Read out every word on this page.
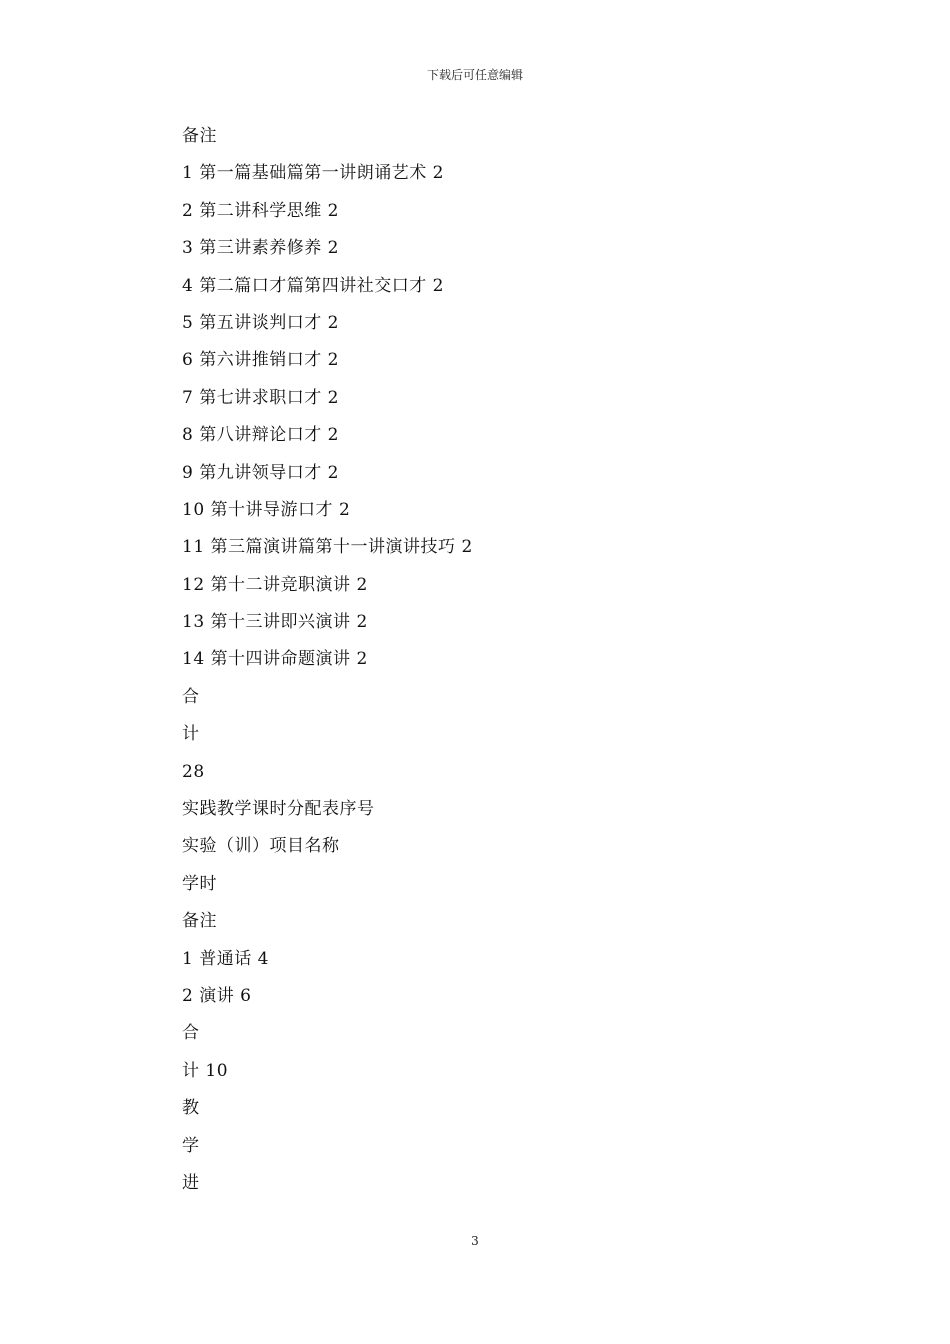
下载后可任意编辑
备注
1 第一篇基础篇第一讲朗诵艺术 2
2 第二讲科学思维 2
3 第三讲素养修养 2
4 第二篇口才篇第四讲社交口才 2
5 第五讲谈判口才 2
6 第六讲推销口才 2
7 第七讲求职口才 2
8 第八讲辩论口才 2
9 第九讲领导口才 2
10 第十讲导游口才 2
11 第三篇演讲篇第十一讲演讲技巧 2
12 第十二讲竞职演讲 2
13 第十三讲即兴演讲 2
14 第十四讲命题演讲 2
合
计
28
实践教学课时分配表序号
实验（训）项目名称
学时
备注
1 普通话 4
2 演讲 6
合
计 10
教
学
进
3
